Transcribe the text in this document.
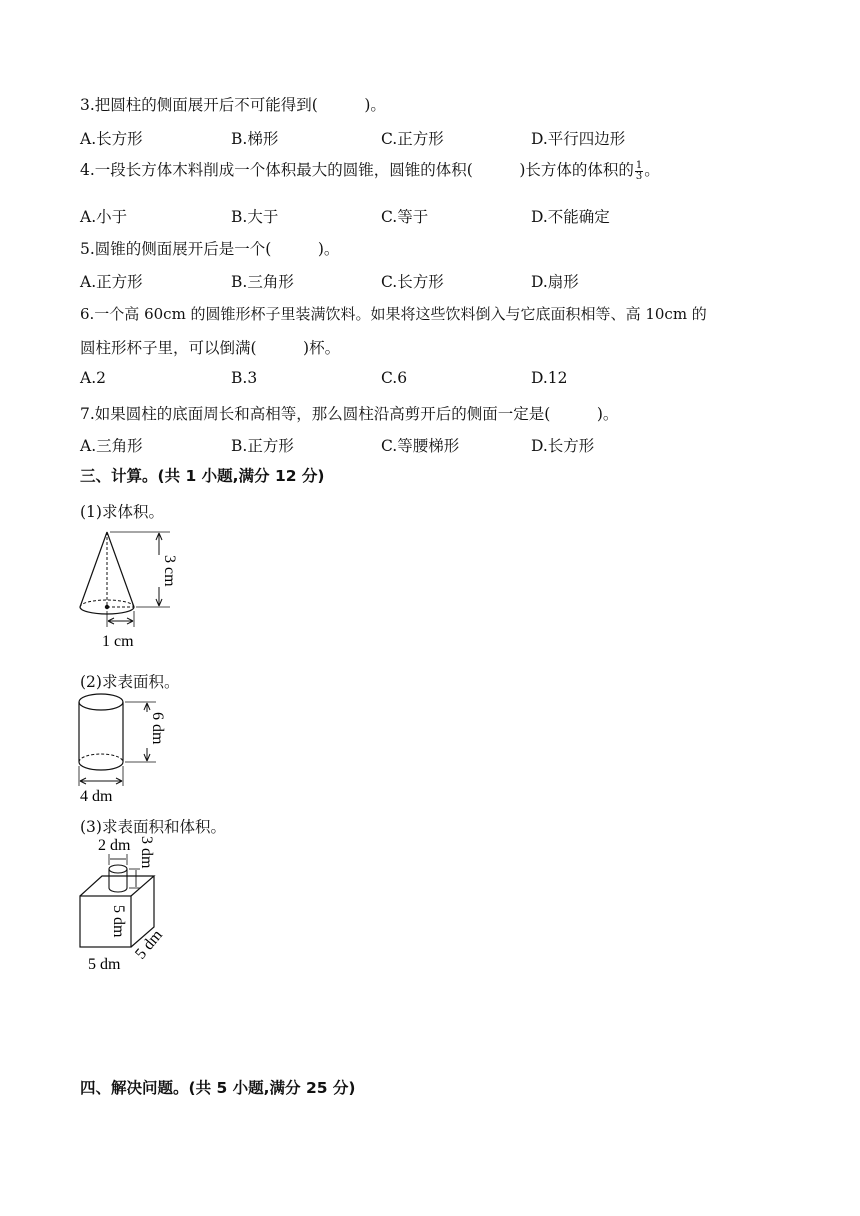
3.把圆柱的侧面展开后不可能得到(　　　)。
A.长方形	B.梯形	C.正方形	D.平行四边形
4.一段长方体木料削成一个体积最大的圆锥，圆锥的体积(　　　)长方体的体积的 $\frac{1}{3}$ 。
A.小于	B.大于	C.等于	D.不能确定
5.圆锥的侧面展开后是一个(　　　)。
A.正方形	B.三角形	C.长方形	D.扇形
6.一个高 60cm 的圆锥形杯子里装满饮料。如果将这些饮料倒入与它底面积相等、高 10cm 的
圆柱形杯子里，可以倒满(　　　)杯。
A.2	B.3	C.6	D.12
7.如果圆柱的底面周长和高相等，那么圆柱沿高剪开后的侧面一定是(　　　)。
A.三角形	B.正方形	C.等腰梯形	D.长方形
三、计算。(共 1 小题,满分 12 分)
(1)求体积。
3 cm
1 cm
(2)求表面积。
6 dm
4 dm
(3)求表面积和体积。
2 dm 3 dm
5 dm
5 dm
5 dm
四、解决问题。(共 5 小题,满分 25 分)
